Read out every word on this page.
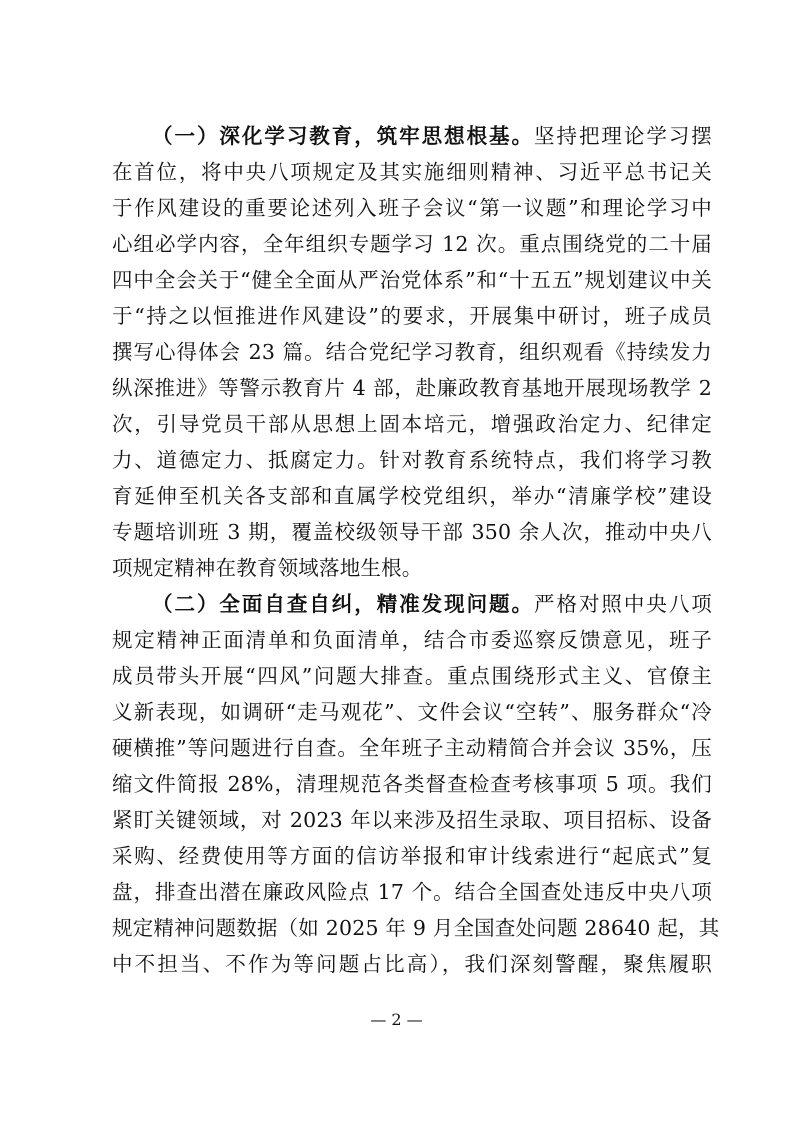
（一）深化学习教育，筑牢思想根基。坚持把理论学习摆
在首位，将中央八项规定及其实施细则精神、习近平总书记关
于作风建设的重要论述列入班子会议“第一议题”和理论学习中
心组必学内容，全年组织专题学习 12 次。重点围绕党的二十届
四中全会关于“健全全面从严治党体系”和“十五五”规划建议中关
于“持之以恒推进作风建设”的要求，开展集中研讨，班子成员
撰写心得体会 23 篇。结合党纪学习教育，组织观看《持续发力
纵深推进》等警示教育片 4 部，赴廉政教育基地开展现场教学 2
次，引导党员干部从思想上固本培元，增强政治定力、纪律定
力、道德定力、抵腐定力。针对教育系统特点，我们将学习教
育延伸至机关各支部和直属学校党组织，举办“清廉学校”建设
专题培训班 3 期，覆盖校级领导干部 350 余人次，推动中央八
项规定精神在教育领域落地生根。
（二）全面自查自纠，精准发现问题。严格对照中央八项
规定精神正面清单和负面清单，结合市委巡察反馈意见，班子
成员带头开展“四风”问题大排查。重点围绕形式主义、官僚主
义新表现，如调研“走马观花”、文件会议“空转”、服务群众“冷
硬横推”等问题进行自查。全年班子主动精简合并会议 35%，压
缩文件简报 28%，清理规范各类督查检查考核事项 5 项。我们
紧盯关键领域，对 2023 年以来涉及招生录取、项目招标、设备
采购、经费使用等方面的信访举报和审计线索进行“起底式”复
盘，排查出潜在廉政风险点 17 个。结合全国查处违反中央八项
规定精神问题数据（如 2025 年 9 月全国查处问题 28640 起，其
中不担当、不作为等问题占比高），我们深刻警醒，聚焦履职
— 2 —
